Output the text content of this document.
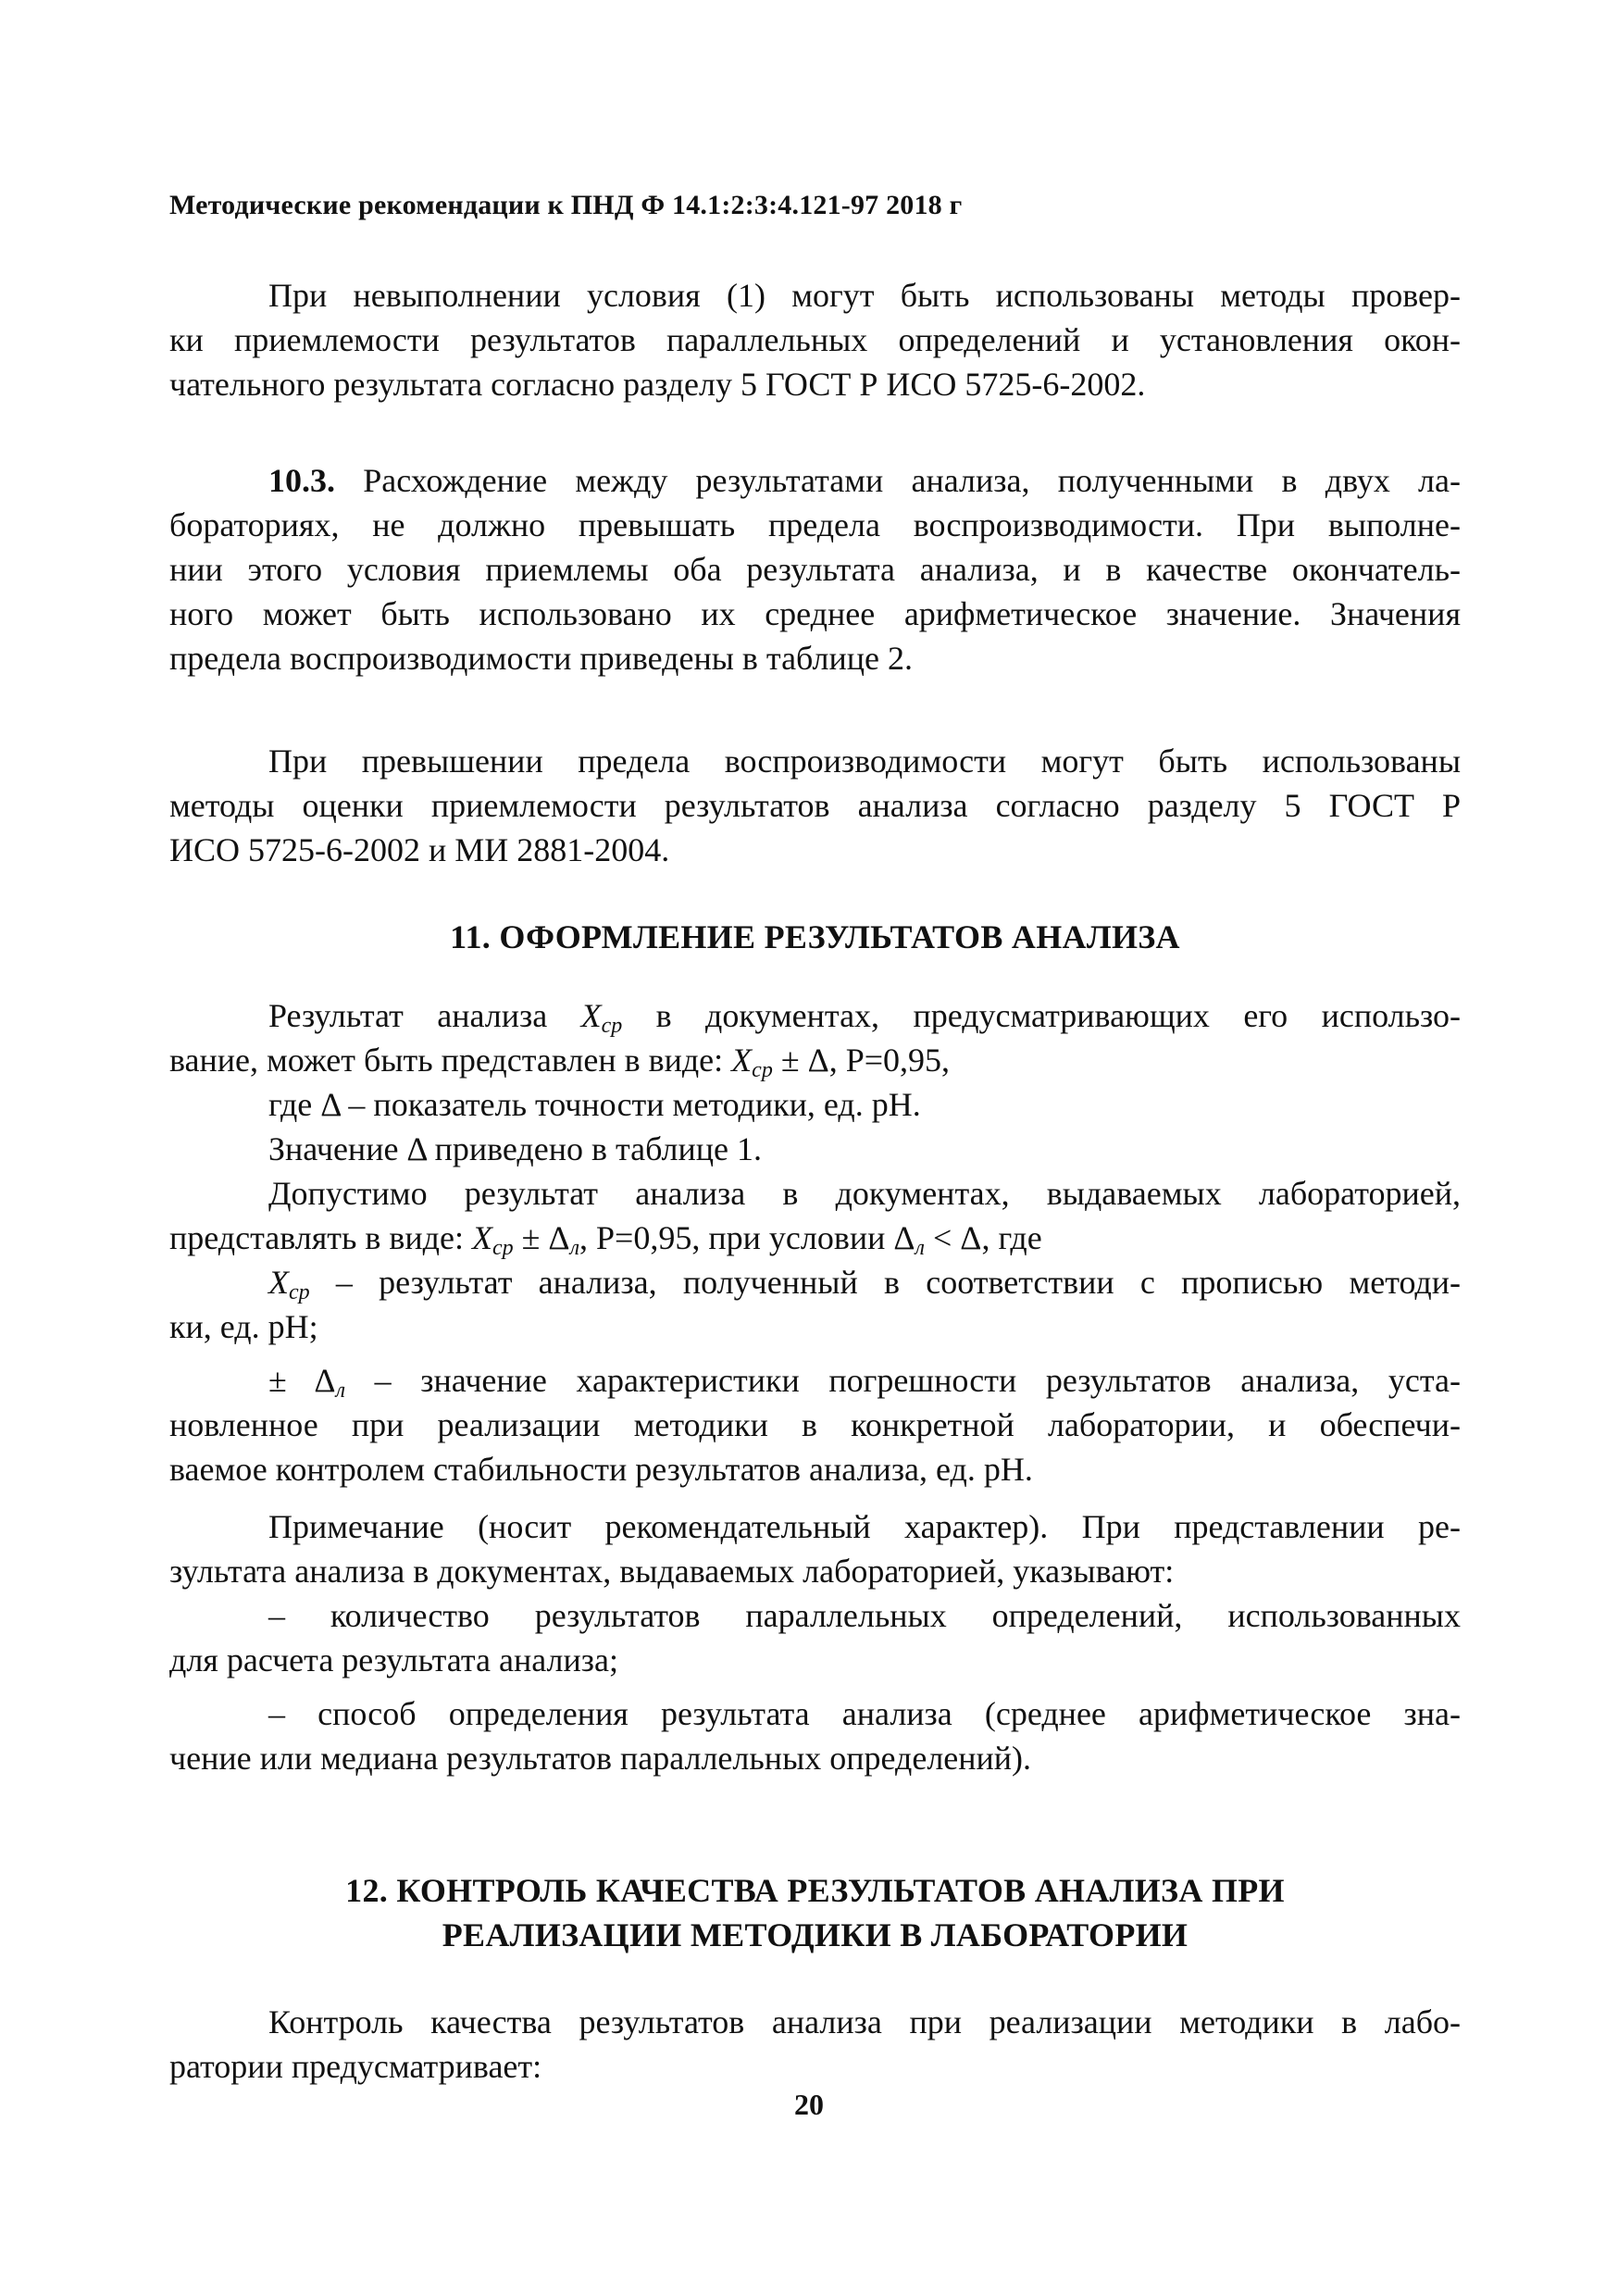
Методические рекомендации к ПНД Ф 14.1:2:3:4.121-97 2018 г

При невыполнении условия (1) могут быть использованы методы провер-

ки приемлемости результатов параллельных определений и установления окон-

чательного результата согласно разделу 5 ГОСТ Р ИСО 5725-6-2002.

10.3. Расхождение между результатами анализа, полученными в двух ла-

бораториях, не должно превышать предела воспроизводимости. При выполне-

нии этого условия приемлемы оба результата анализа, и в качестве окончатель-

ного может быть использовано их среднее арифметическое значение. Значения

предела воспроизводимости приведены в таблице 2.

При превышении предела воспроизводимости могут быть использованы

методы оценки приемлемости результатов анализа согласно разделу 5 ГОСТ Р

ИСО 5725-6-2002 и МИ 2881-2004.

11. ОФОРМЛЕНИЕ РЕЗУЛЬТАТОВ АНАЛИЗА

Результат анализа $X_{ср}$ в документах, предусматривающих его использо-

вание, может быть представлен в виде: $X_{ср} \pm \Delta$, Р=0,95,

где Δ – показатель точности методики, ед. рН.

Значение Δ приведено в таблице 1.

Допустимо результат анализа в документах, выдаваемых лабораторией,

представлять в виде: $X_{ср} \pm \Delta_л$, Р=0,95, при условии $\Delta_л < \Delta$, где

$X_{ср}$ – результат анализа, полученный в соответствии с прописью методи-

ки, ед. рН;

± $\Delta_л$ – значение характеристики погрешности результатов анализа, уста-

новленное при реализации методики в конкретной лаборатории, и обеспечи-

ваемое контролем стабильности результатов анализа, ед. рН.

Примечание (носит рекомендательный характер). При представлении ре-

зультата анализа в документах, выдаваемых лабораторией, указывают:

– количество результатов параллельных определений, использованных

для расчета результата анализа;

– способ определения результата анализа (среднее арифметическое зна-

чение или медиана результатов параллельных определений).

12. КОНТРОЛЬ КАЧЕСТВА РЕЗУЛЬТАТОВ АНАЛИЗА ПРИ
РЕАЛИЗАЦИИ МЕТОДИКИ В ЛАБОРАТОРИИ

Контроль качества результатов анализа при реализации методики в лабо-

ратории предусматривает:

20
